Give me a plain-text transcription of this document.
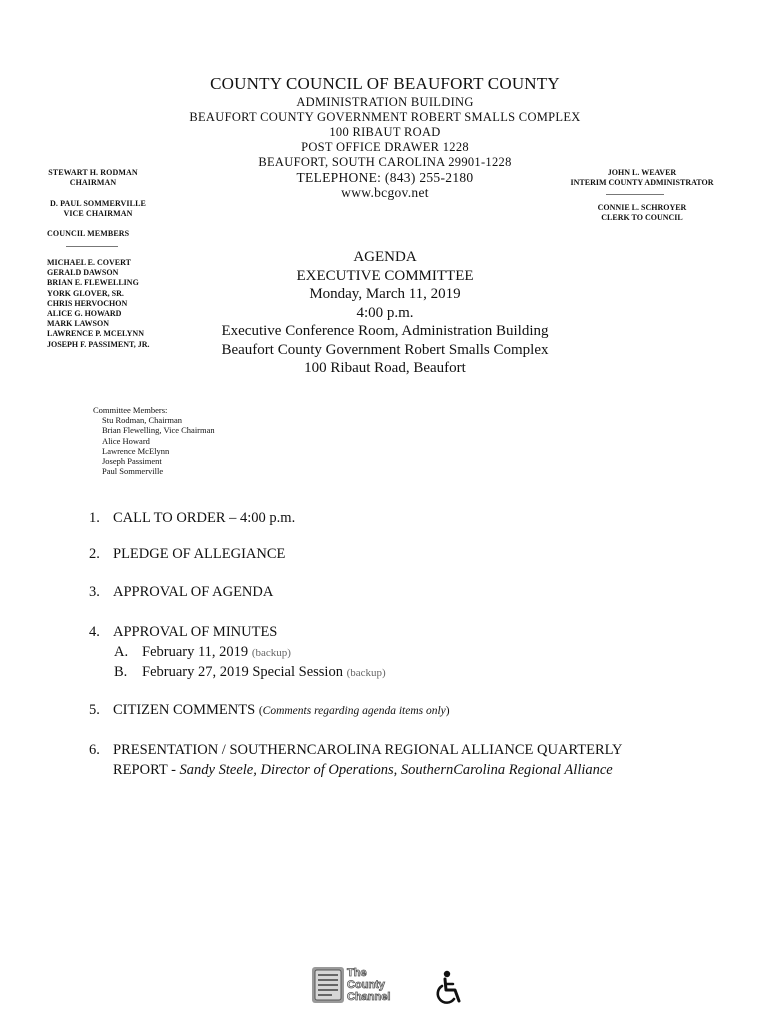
COUNTY COUNCIL OF BEAUFORT COUNTY
ADMINISTRATION BUILDING
BEAUFORT COUNTY GOVERNMENT ROBERT SMALLS COMPLEX
100 RIBAUT ROAD
POST OFFICE DRAWER 1228
BEAUFORT, SOUTH CAROLINA 29901-1228
TELEPHONE: (843) 255-2180
www.bcgov.net
STEWART H. RODMAN
CHAIRMAN
D. PAUL SOMMERVILLE
VICE CHAIRMAN
COUNCIL MEMBERS
MICHAEL E. COVERT
GERALD DAWSON
BRIAN E. FLEWELLING
YORK GLOVER, SR.
CHRIS HERVOCHON
ALICE G. HOWARD
MARK LAWSON
LAWRENCE P. MCELYNN
JOSEPH F. PASSIMENT, JR.
JOHN L. WEAVER
INTERIM COUNTY ADMINISTRATOR
CONNIE L. SCHROYER
CLERK TO COUNCIL
AGENDA
EXECUTIVE COMMITTEE
Monday, March 11, 2019
4:00 p.m.
Executive Conference Room, Administration Building
Beaufort County Government Robert Smalls Complex
100 Ribaut Road, Beaufort
Committee Members:
Stu Rodman, Chairman
Brian Flewelling, Vice Chairman
Alice Howard
Lawrence McElynn
Joseph Passiment
Paul Sommerville
1. CALL TO ORDER – 4:00 p.m.
2. PLEDGE OF ALLEGIANCE
3. APPROVAL OF AGENDA
4. APPROVAL OF MINUTES
A. February 11, 2019 (backup)
B. February 27, 2019 Special Session (backup)
5. CITIZEN COMMENTS (Comments regarding agenda items only)
6. PRESENTATION / SOUTHERNCAROLINA REGIONAL ALLIANCE QUARTERLY
REPORT - Sandy Steele, Director of Operations, SouthernCarolina Regional Alliance
The
County
Channel
